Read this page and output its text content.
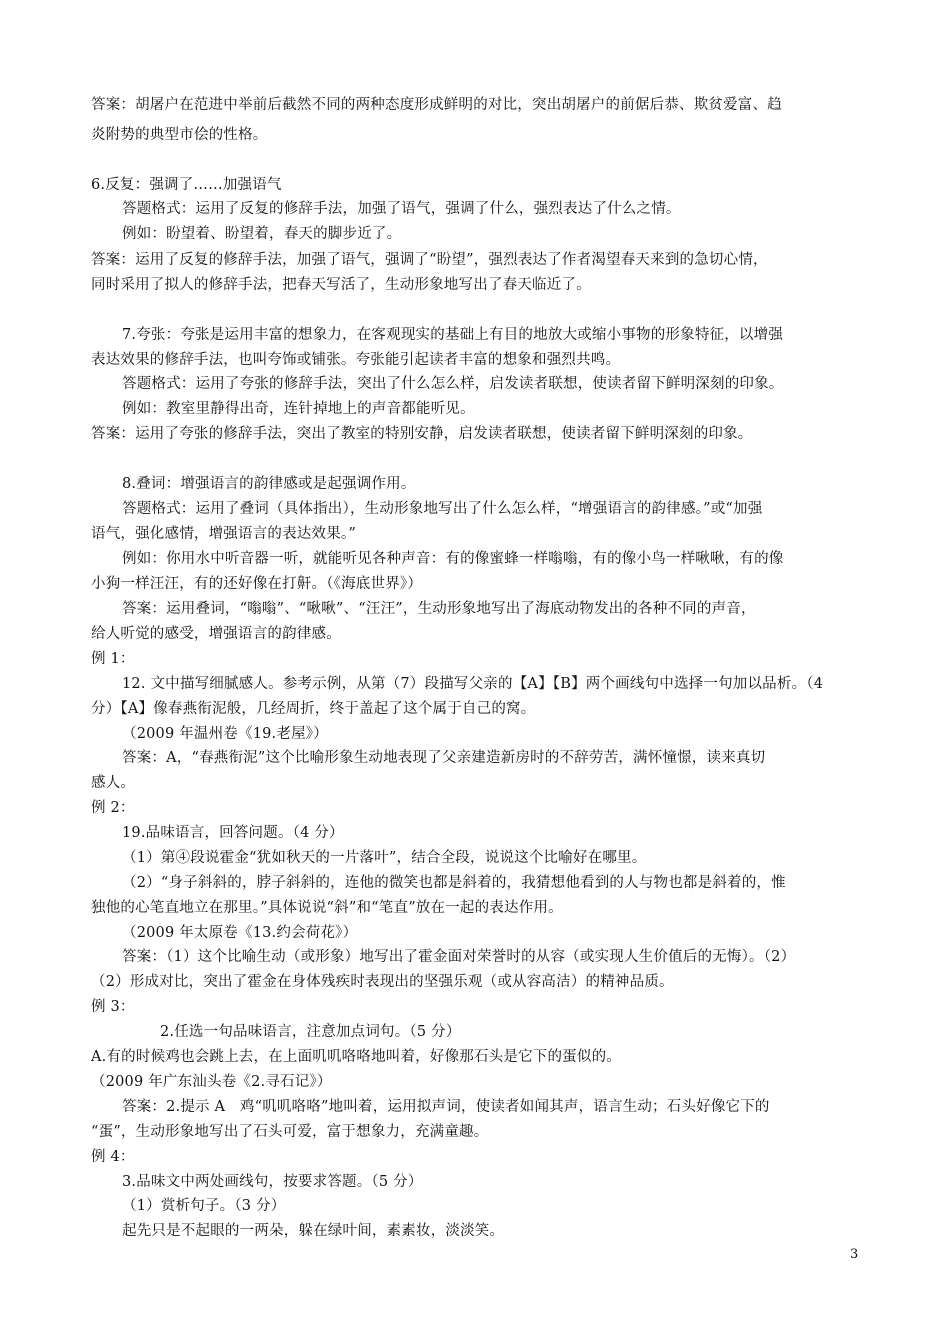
答案：胡屠户在范进中举前后截然不同的两种态度形成鲜明的对比，突出胡屠户的前倨后恭、欺贫爱富、趋
炎附势的典型市侩的性格。
6.反复：强调了……加强语气
答题格式：运用了反复的修辞手法，加强了语气，强调了什么，强烈表达了什么之情。
例如：盼望着、盼望着，春天的脚步近了。
答案：运用了反复的修辞手法，加强了语气，强调了“盼望”，强烈表达了作者渴望春天来到的急切心情，
同时采用了拟人的修辞手法，把春天写活了，生动形象地写出了春天临近了。
7.夸张：夸张是运用丰富的想象力，在客观现实的基础上有目的地放大或缩小事物的形象特征，以增强
表达效果的修辞手法，也叫夸饰或铺张。夸张能引起读者丰富的想象和强烈共鸣。
答题格式：运用了夸张的修辞手法，突出了什么怎么样，启发读者联想，使读者留下鲜明深刻的印象。
例如：教室里静得出奇，连针掉地上的声音都能听见。
答案：运用了夸张的修辞手法，突出了教室的特别安静，启发读者联想，使读者留下鲜明深刻的印象。
8.叠词：增强语言的韵律感或是起强调作用。
答题格式：运用了叠词（具体指出），生动形象地写出了什么怎么样，“增强语言的韵律感。”或“加强
语气，强化感情，增强语言的表达效果。”
例如：你用水中听音器一听，就能听见各种声音：有的像蜜蜂一样嗡嗡，有的像小鸟一样啾啾，有的像
小狗一样汪汪，有的还好像在打鼾。（《海底世界》）
答案：运用叠词，“嗡嗡”、“啾啾”、“汪汪”，生动形象地写出了海底动物发出的各种不同的声音，
给人听觉的感受，增强语言的韵律感。
例 1：
12. 文中描写细腻感人。参考示例，从第（7）段描写父亲的【A】【B】两个画线句中选择一句加以品析。（4
分）【A】像春燕衔泥般，几经周折，终于盖起了这个属于自己的窝。
（2009 年温州卷《19.老屋》）
答案：A，“春燕衔泥”这个比喻形象生动地表现了父亲建造新房时的不辞劳苦，满怀憧憬，读来真切
感人。
例 2：
19.品味语言，回答问题。（4 分）
（1）第④段说霍金“犹如秋天的一片落叶”，结合全段，说说这个比喻好在哪里。
（2）“身子斜斜的，脖子斜斜的，连他的微笑也都是斜着的，我猜想他看到的人与物也都是斜着的，惟
独他的心笔直地立在那里。”具体说说“斜”和“笔直”放在一起的表达作用。
（2009 年太原卷《13.约会荷花》）
答案：（1）这个比喻生动（或形象）地写出了霍金面对荣誉时的从容（或实现人生价值后的无悔）。（2）
（2）形成对比，突出了霍金在身体残疾时表现出的坚强乐观（或从容高洁）的精神品质。
例 3：
2.任选一句品味语言，注意加点词句。（5 分）
A.有的时候鸡也会跳上去，在上面叽叽咯咯地叫着，好像那石头是它下的蛋似的。
（2009 年广东汕头卷《2.寻石记》）
答案：2.提示 A　鸡“叽叽咯咯”地叫着，运用拟声词，使读者如闻其声，语言生动；石头好像它下的
“蛋”，生动形象地写出了石头可爱，富于想象力，充满童趣。
例 4：
3.品味文中两处画线句，按要求答题。（5 分）
（1）赏析句子。（3 分）
起先只是不起眼的一两朵，躲在绿叶间，素素妆，淡淡笑。
3
